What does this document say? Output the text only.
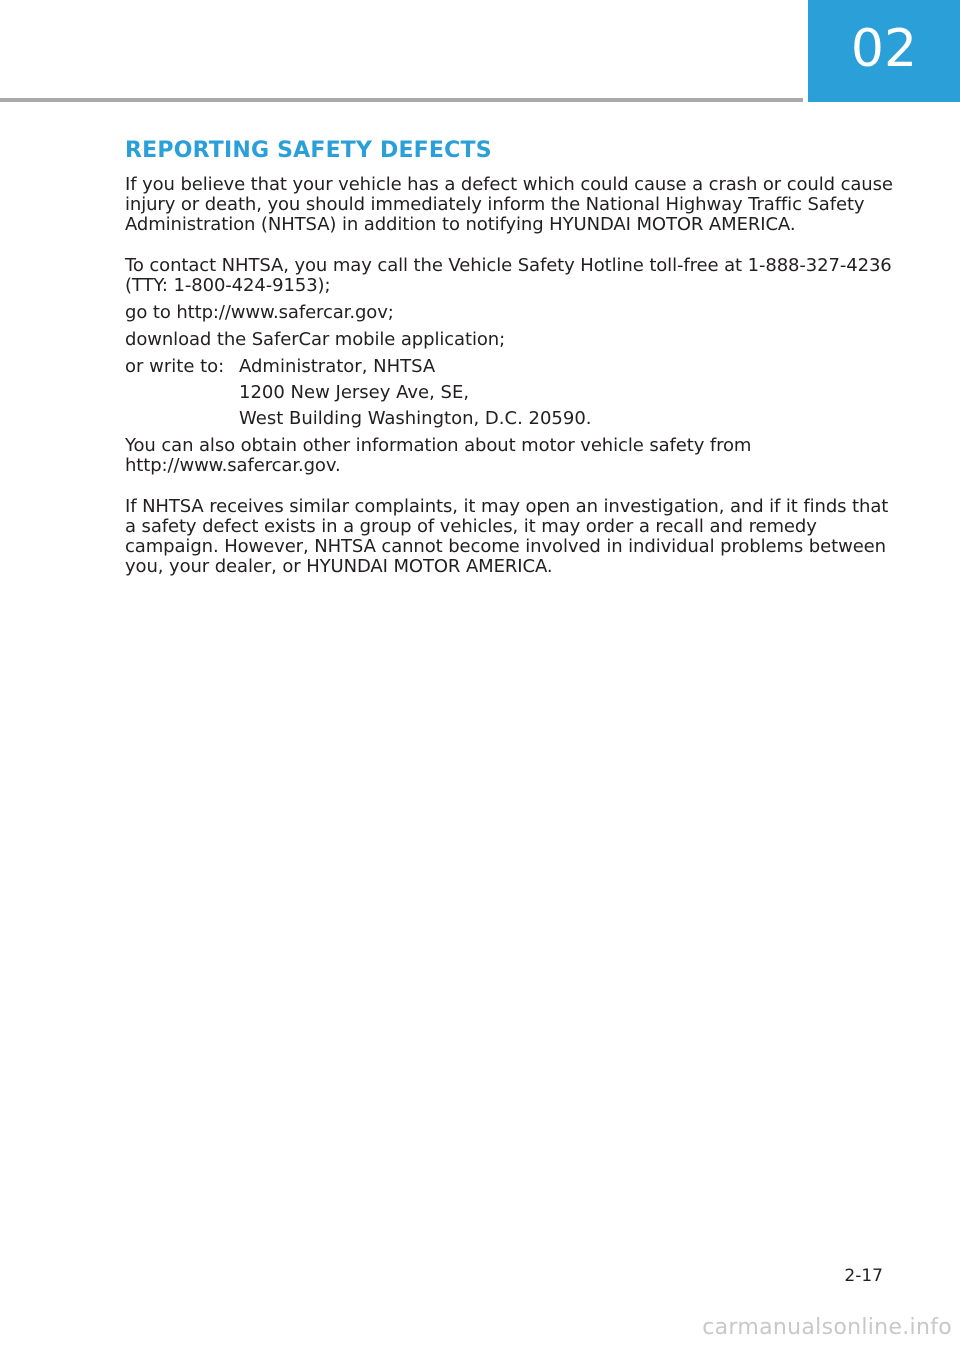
02
REPORTING SAFETY DEFECTS

If you believe that your vehicle has a defect which could cause a crash or could cause injury or death, you should immediately inform the National Highway Traffic Safety Administration (NHTSA) in addition to notifying HYUNDAI MOTOR AMERICA.

To contact NHTSA, you may call the Vehicle Safety Hotline toll-free at 1-888-327-4236 (TTY: 1-800-424-9153);

go to http://www.safercar.gov;

download the SaferCar mobile application;

or write to: Administrator, NHTSA
1200 New Jersey Ave, SE,
West Building Washington, D.C. 20590.

You can also obtain other information about motor vehicle safety from http://www.safercar.gov.

If NHTSA receives similar complaints, it may open an investigation, and if it finds that a safety defect exists in a group of vehicles, it may order a recall and remedy campaign. However, NHTSA cannot become involved in individual problems between you, your dealer, or HYUNDAI MOTOR AMERICA.

2-17
carmanualsonline.info
